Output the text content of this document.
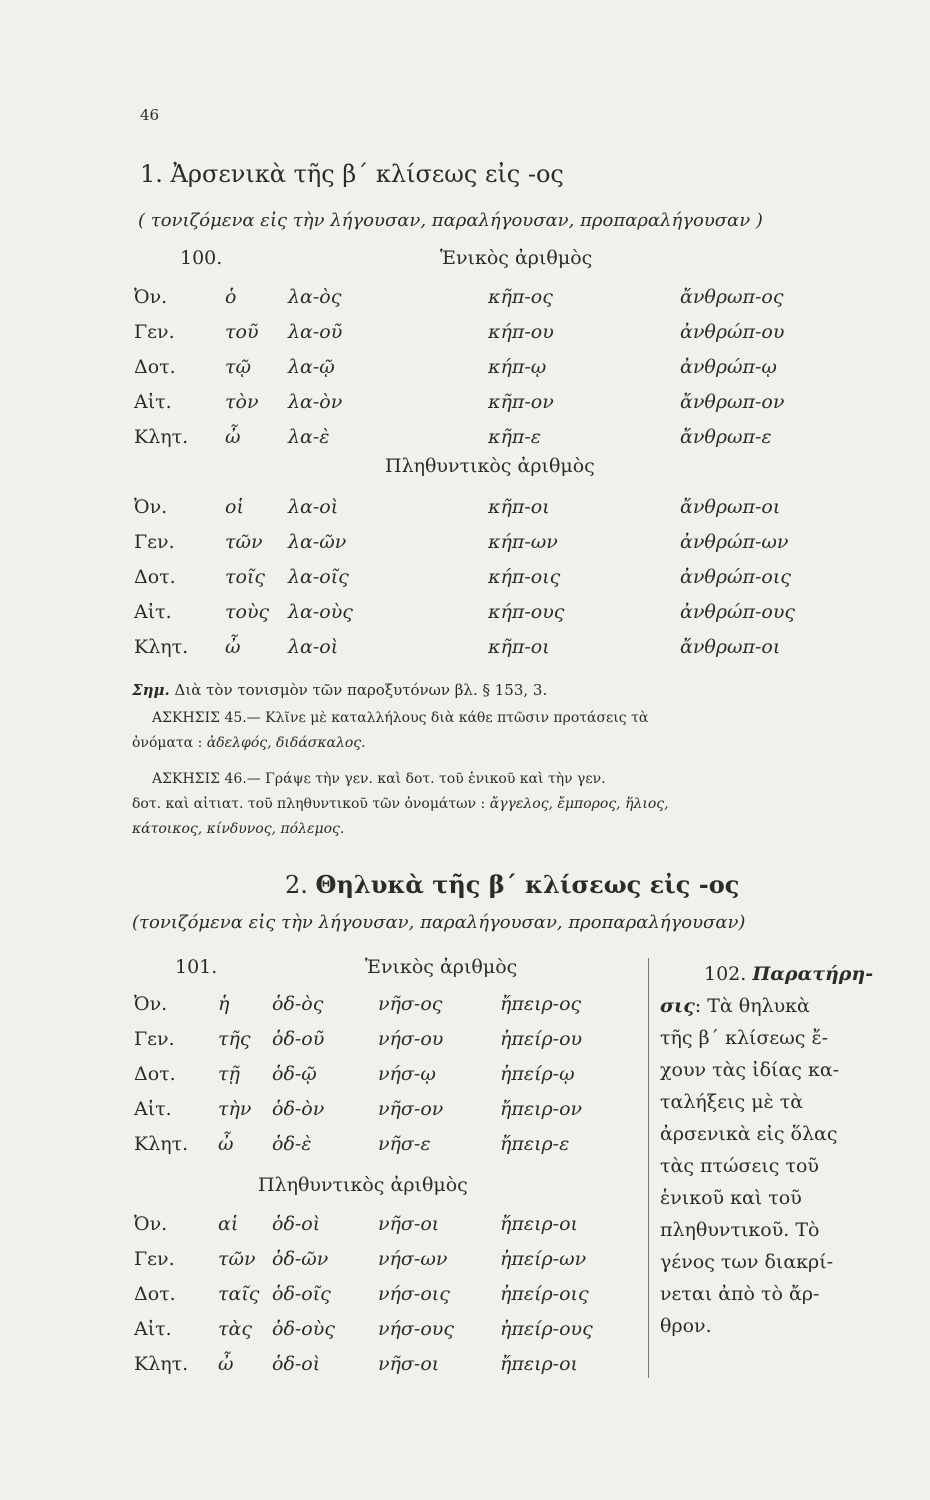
46
1. Ἀρσενικὰ τῆς β΄ κλίσεως εἰς -ος
( τονιζόμενα εἰς τὴν λήγουσαν, παραλήγουσαν, προπαραλήγουσαν )
100.	Ἑνικὸς ἀριθμὸς
Ὀν.	ὁ	λα-ὸς	κῆπ-ος	ἄνθρωπ-ος
Γεν.	τοῦ λα-οῦ	κήπ-ου	ἀνθρώπ-ου
Δοτ.	τῷ λα-ῷ	κήπ-ῳ	ἀνθρώπ-ῳ
Αἰτ.	τὸν λα-ὸν	κῆπ-ον	ἄνθρωπ-ον
Κλητ. ὦ	λα-ὲ	κῆπ-ε	ἄνθρωπ-ε
Πληθυντικὸς ἀριθμὸς
Ὀν.	οἱ λα-οὶ	κῆπ-οι	ἄνθρωπ-οι
Γεν.	τῶν λα-ῶν	κήπ-ων	ἀνθρώπ-ων
Δοτ.	τοῖς λα-οῖς	κήπ-οις	ἀνθρώπ-οις
Αἰτ.	τοὺς λα-οὺς	κήπ-ους	ἀνθρώπ-ους
Κλητ. ὦ	λα-οὶ	κῆπ-οι	ἄνθρωπ-οι
Σημ. Διὰ τὸν τονισμὸν τῶν παροξυτόνων βλ. § 153, 3.
ΑΣΚΗΣΙΣ 45.— Κλῖνε μὲ καταλλήλους διὰ κάθε πτῶσιν προτάσεις τὰ
ὀνόματα : ἀδελφός, διδάσκαλος.
ΑΣΚΗΣΙΣ 46.— Γράψε τὴν γεν. καὶ δοτ. τοῦ ἑνικοῦ καὶ τὴν γεν.
δοτ. καὶ αἰτιατ. τοῦ πληθυντικοῦ τῶν ὀνομάτων : ἄγγελος, ἔμπορος, ἥλιος,
κάτοικος, κίνδυνος, πόλεμος.
2. Θηλυκὰ τῆς β΄ κλίσεως εἰς -ος
(τονιζόμενα εἰς τὴν λήγουσαν, παραλήγουσαν, προπαραλήγουσαν)
101.	Ἑνικὸς ἀριθμὸς
Ὀν.	ἡ ὁδ-ὸς	νῆσ-ος	ἤπειρ-ος
Γεν. τῆς ὁδ-οῦ	νήσ-ου	ἠπείρ-ου
Δοτ. τῇ ὁδ-ῷ	νήσ-ῳ	ἠπείρ-ῳ
Αἰτ. τὴν ὁδ-ὸν	νῆσ-ον	ἤπειρ-ον
Κλητ. ὦ ὁδ-ὲ	νῆσ-ε	ἤπειρ-ε
Πληθυντικὸς ἀριθμὸς
Ὀν.	αἱ ὁδ-οὶ	νῆσ-οι	ἤπειρ-οι
Γεν. τῶν ὁδ-ῶν	νήσ-ων	ἠπείρ-ων
Δοτ. ταῖς ὁδ-οῖς νήσ-οις	ἠπείρ-οις
Αἰτ. τὰς ὁδ-οὺς νήσ-ους ἠπείρ-ους
Κλητ. ὦ ὁδ-οὶ	νῆσ-οι	ἤπειρ-οι
102. Παρατήρη-
σις: Τὰ θηλυκὰ
τῆς β΄ κλίσεως ἔ-
χουν τὰς ἰδίας κα-
ταλήξεις μὲ τὰ
ἀρσενικὰ εἰς ὅλας
τὰς πτώσεις τοῦ
ἑνικοῦ καὶ τοῦ
πληθυντικοῦ. Τὸ
γένος των διακρί-
νεται ἀπὸ τὸ ἄρ-
θρον.
